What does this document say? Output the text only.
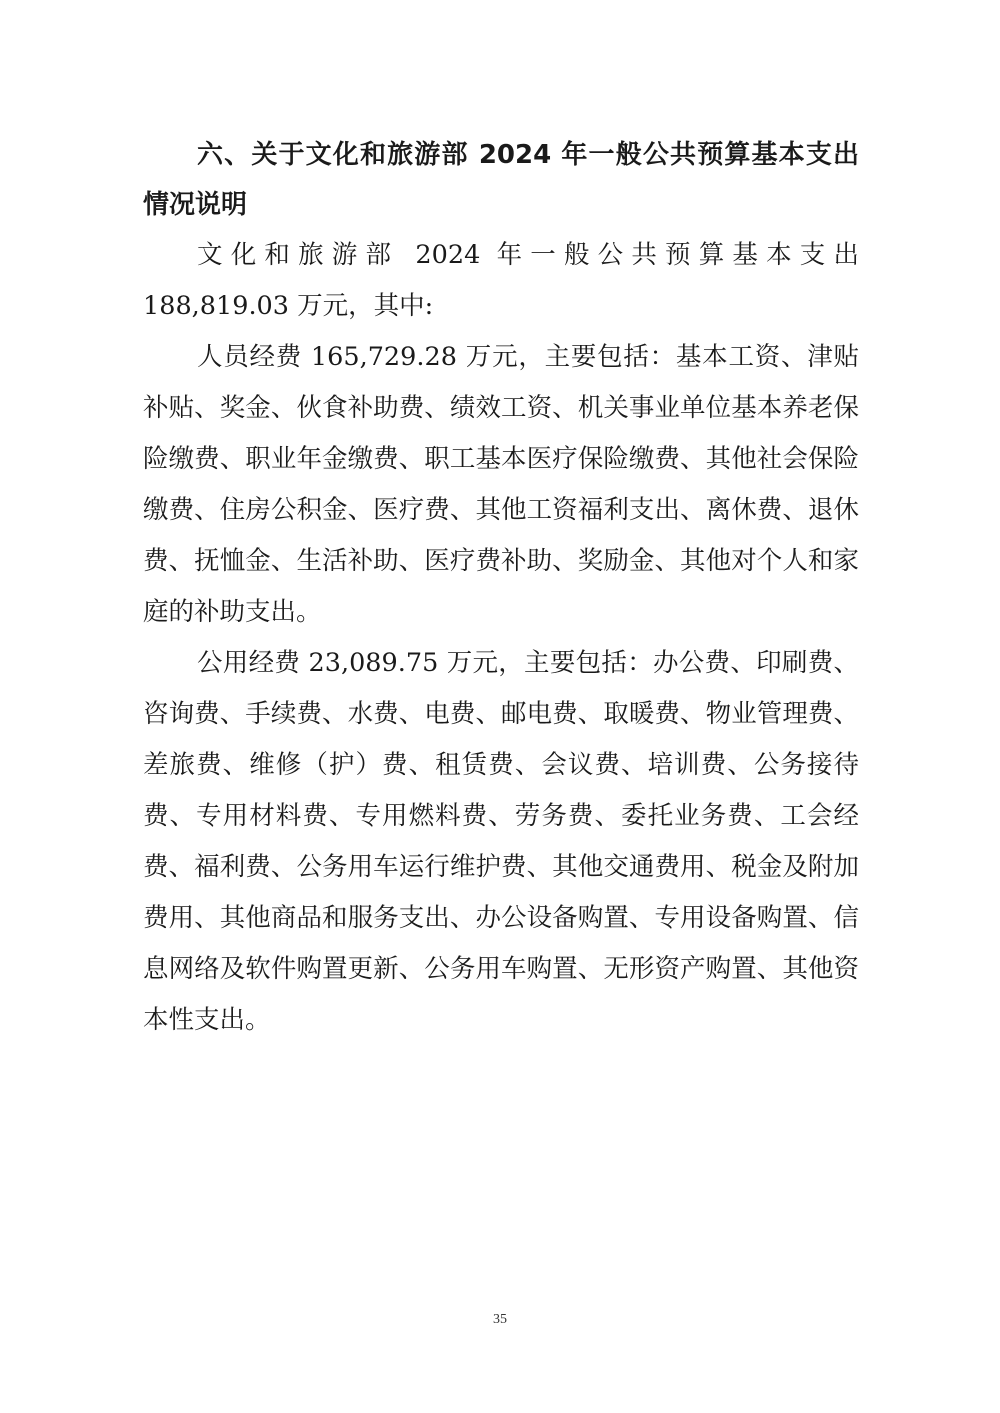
六、关于文化和旅游部 2024 年一般公共预算基本支出情况说明

文化和旅游部 2024 年一般公共预算基本支出 188,819.03 万元，其中:

人员经费 165,729.28 万元，主要包括：基本工资、津贴补贴、奖金、伙食补助费、绩效工资、机关事业单位基本养老保险缴费、职业年金缴费、职工基本医疗保险缴费、其他社会保险缴费、住房公积金、医疗费、其他工资福利支出、离休费、退休费、抚恤金、生活补助、医疗费补助、奖励金、其他对个人和家庭的补助支出。

公用经费 23,089.75 万元，主要包括：办公费、印刷费、咨询费、手续费、水费、电费、邮电费、取暖费、物业管理费、差旅费、维修（护）费、租赁费、会议费、培训费、公务接待费、专用材料费、专用燃料费、劳务费、委托业务费、工会经费、福利费、公务用车运行维护费、其他交通费用、税金及附加费用、其他商品和服务支出、办公设备购置、专用设备购置、信息网络及软件购置更新、公务用车购置、无形资产购置、其他资本性支出。

35
